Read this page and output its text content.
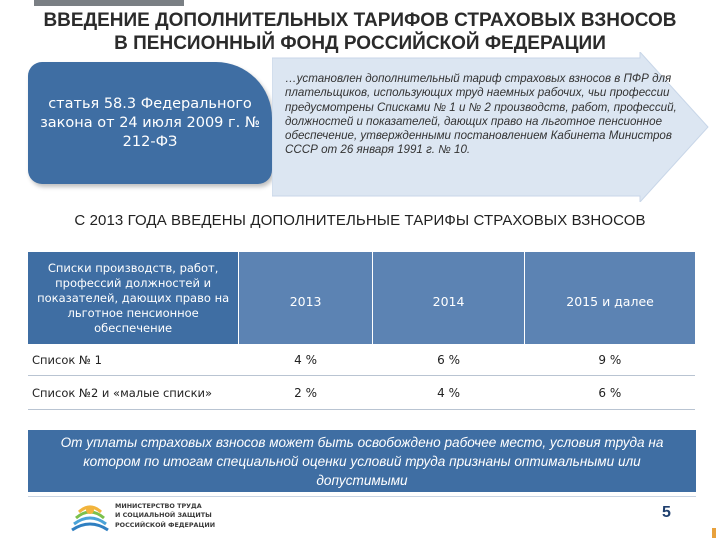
ВВЕДЕНИЕ ДОПОЛНИТЕЛЬНЫХ ТАРИФОВ СТРАХОВЫХ ВЗНОСОВ
В ПЕНСИОННЫЙ ФОНД РОССИЙСКОЙ ФЕДЕРАЦИИ
статья 58.3 Федерального закона от 24 июля 2009 г. № 212-ФЗ
…установлен дополнительный тариф страховых взносов в ПФР для плательщиков, использующих труд наемных рабочих, чьи профессии предусмотрены Списками № 1 и № 2 производств, работ, профессий, должностей и показателей, дающих право на льготное пенсионное обеспечение, утвержденными постановлением Кабинета Министров СССР от 26 января 1991 г. № 10.
С 2013 ГОДА ВВЕДЕНЫ ДОПОЛНИТЕЛЬНЫЕ ТАРИФЫ СТРАХОВЫХ ВЗНОСОВ
Списки производств, работ, профессий должностей и показателей, дающих право на льготное пенсионное обеспечение	2013	2014	2015 и далее
Список № 1	4 %	6 %	9 %
Список №2 и «малые списки»	2 %	4 %	6 %
От уплаты страховых взносов может быть освобождено рабочее место, условия труда на котором по итогам специальной оценки условий труда признаны оптимальными или допустимыми
МИНИСТЕРСТВО ТРУДА
И СОЦИАЛЬНОЙ ЗАЩИТЫ
РОССИЙСКОЙ ФЕДЕРАЦИИ
5
